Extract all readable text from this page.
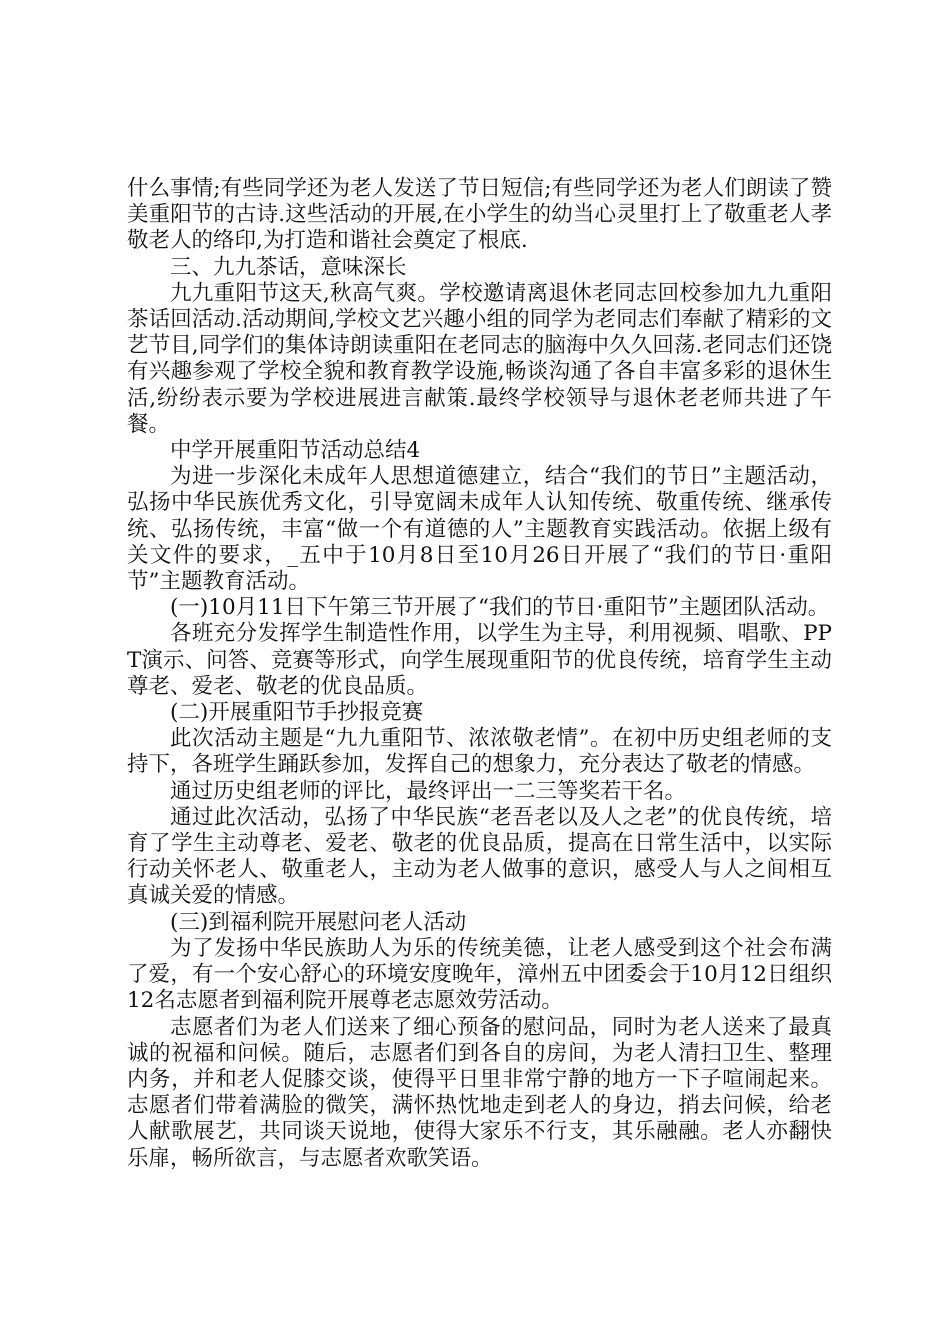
什么事情;有些同学还为老人发送了节日短信;有些同学还为老人们朗读了赞美重阳节的古诗.这些活动的开展,在小学生的幼当心灵里打上了敬重老人孝敬老人的络印,为打造和谐社会奠定了根底.

三、九九茶话，意味深长

九九重阳节这天,秋高气爽。学校邀请离退休老同志回校参加九九重阳茶话回活动.活动期间,学校文艺兴趣小组的同学为老同志们奉献了精彩的文艺节目,同学们的集体诗朗读重阳在老同志的脑海中久久回荡.老同志们还饶有兴趣参观了学校全貌和教育教学设施,畅谈沟通了各自丰富多彩的退休生活,纷纷表示要为学校进展进言献策.最终学校领导与退休老老师共进了午餐。

中学开展重阳节活动总结4

为进一步深化未成年人思想道德建立，结合“我们的节日”主题活动，弘扬中华民族优秀文化，引导宽阔未成年人认知传统、敬重传统、继承传统、弘扬传统，丰富“做一个有道德的人”主题教育实践活动。依据上级有关文件的要求，_五中于10月8日至10月26日开展了“我们的节日·重阳节”主题教育活动。

(一)10月11日下午第三节开展了“我们的节日·重阳节”主题团队活动。

各班充分发挥学生制造性作用，以学生为主导，利用视频、唱歌、PPT演示、问答、竞赛等形式，向学生展现重阳节的优良传统，培育学生主动尊老、爱老、敬老的优良品质。

(二)开展重阳节手抄报竞赛

此次活动主题是“九九重阳节、浓浓敬老情”。在初中历史组老师的支持下，各班学生踊跃参加，发挥自己的想象力，充分表达了敬老的情感。

通过历史组老师的评比，最终评出一二三等奖若干名。

通过此次活动，弘扬了中华民族“老吾老以及人之老”的优良传统，培育了学生主动尊老、爱老、敬老的优良品质，提高在日常生活中，以实际行动关怀老人、敬重老人，主动为老人做事的意识，感受人与人之间相互真诚关爱的情感。

(三)到福利院开展慰问老人活动

为了发扬中华民族助人为乐的传统美德，让老人感受到这个社会布满了爱，有一个安心舒心的环境安度晚年，漳州五中团委会于10月12日组织12名志愿者到福利院开展尊老志愿效劳活动。

志愿者们为老人们送来了细心预备的慰问品，同时为老人送来了最真诚的祝福和问候。随后，志愿者们到各自的房间，为老人清扫卫生、整理内务，并和老人促膝交谈，使得平日里非常宁静的地方一下子喧闹起来。志愿者们带着满脸的微笑，满怀热忱地走到老人的身边，捎去问候，给老人献歌展艺，共同谈天说地，使得大家乐不行支，其乐融融。老人亦翻快乐扉，畅所欲言，与志愿者欢歌笑语。
